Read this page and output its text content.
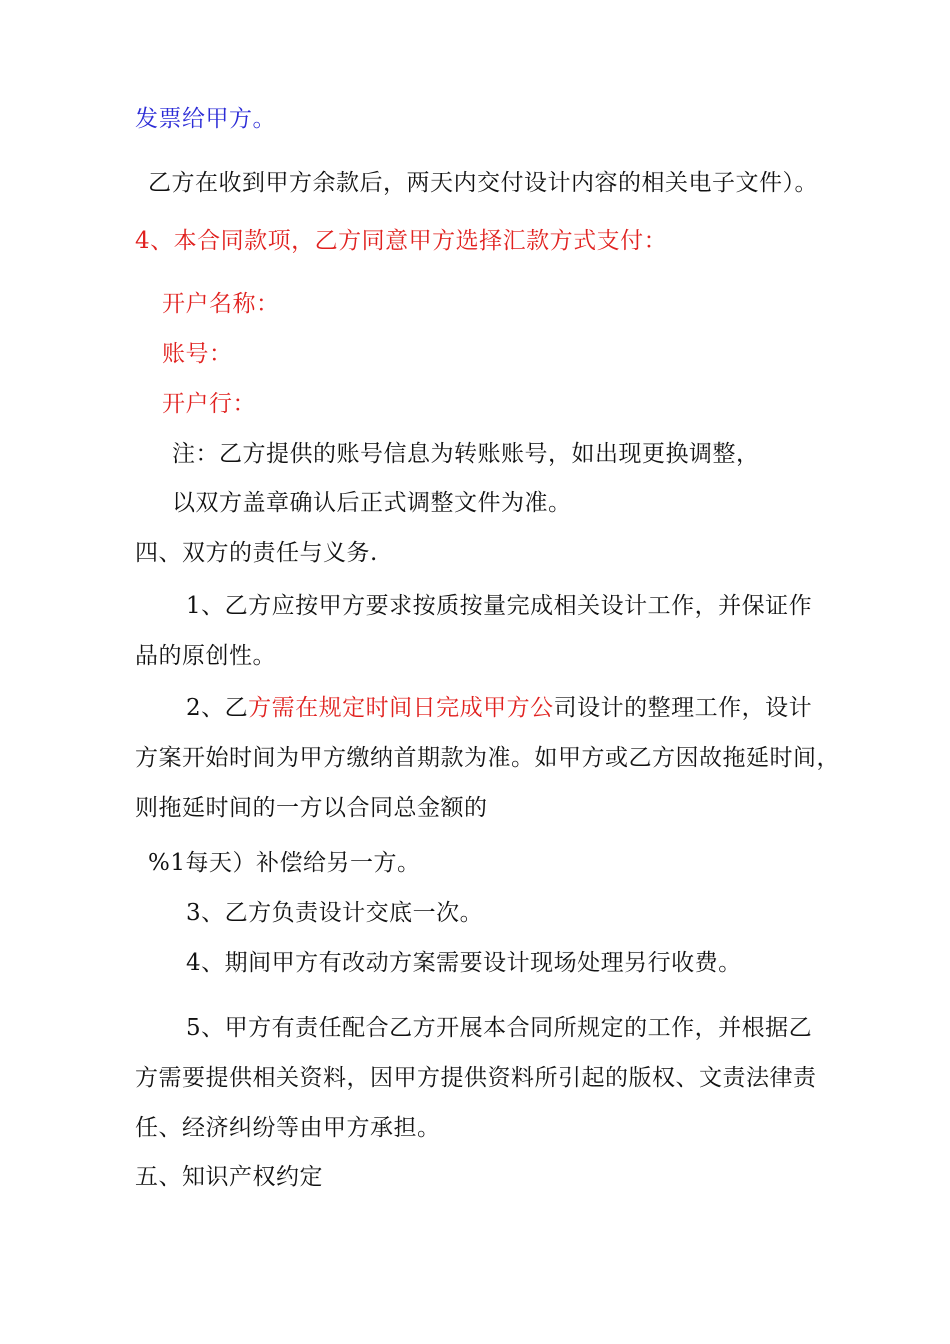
发票给甲方。
乙方在收到甲方余款后，两天内交付设计内容的相关电子文件）。
4、本合同款项，乙方同意甲方选择汇款方式支付：
开户名称：
账号：
开户行：
注：乙方提供的账号信息为转账账号，如出现更换调整，
以双方盖章确认后正式调整文件为准。
四、双方的责任与义务.
1、乙方应按甲方要求按质按量完成相关设计工作，并保证作
品的原创性。
2、乙方需在规定时间日完成甲方公司设计的整理工作，设计
方案开始时间为甲方缴纳首期款为准。如甲方或乙方因故拖延时间，
则拖延时间的一方以合同总金额的
%1每天）补偿给另一方。
3、乙方负责设计交底一次。
4、期间甲方有改动方案需要设计现场处理另行收费。
5、甲方有责任配合乙方开展本合同所规定的工作，并根据乙
方需要提供相关资料，因甲方提供资料所引起的版权、文责法律责
任、经济纠纷等由甲方承担。
五、知识产权约定
